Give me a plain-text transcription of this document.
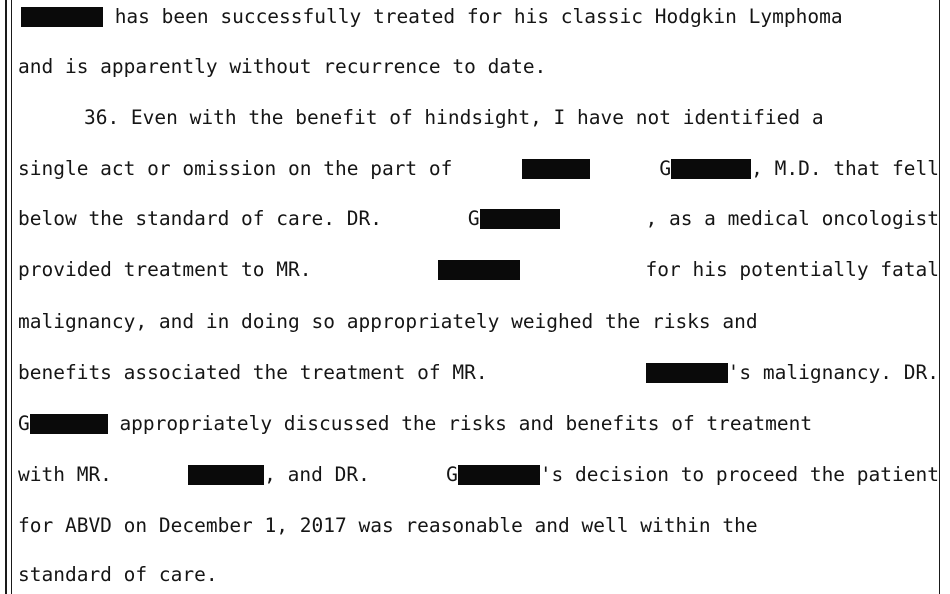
has been successfully treated for his classic Hodgkin Lymphoma
and is apparently without recurrence to date.
36. Even with the benefit of hindsight, I have not identified a
single act or omission on the part of	G	, M.D. that fell
below the standard of care. DR.	G	, as a medical oncologist
provided treatment to MR.	for his potentially fatal
malignancy, and in doing so appropriately weighed the risks and
benefits associated the treatment of MR.	's malignancy. DR.
G	appropriately discussed the risks and benefits of treatment
with MR.	, and DR.	G	's decision to proceed the patient
for ABVD on December 1, 2017 was reasonable and well within the
standard of care.
